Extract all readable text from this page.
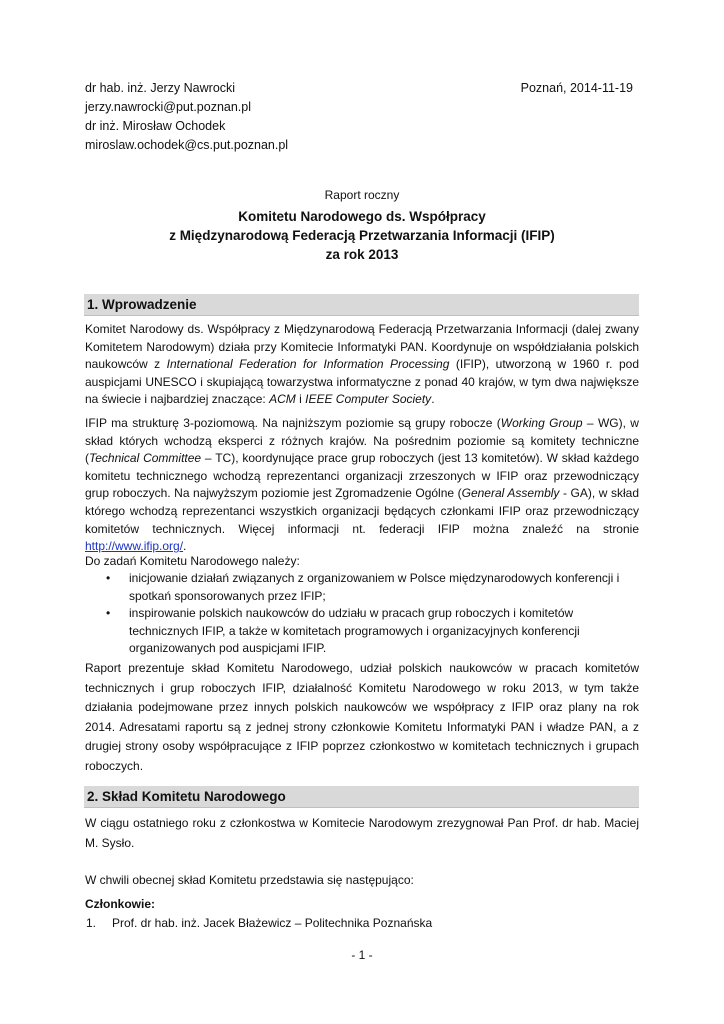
dr hab. inż. Jerzy Nawrocki
jerzy.nawrocki@put.poznan.pl
Poznań, 2014-11-19
dr inż. Mirosław Ochodek
miroslaw.ochodek@cs.put.poznan.pl
Raport roczny
Komitetu Narodowego ds. Współpracy
z Międzynarodową Federacją Przetwarzania Informacji (IFIP)
za rok 2013
1. Wprowadzenie

Komitet Narodowy ds. Współpracy z Międzynarodową Federacją Przetwarzania Informacji (dalej zwany Komitetem Narodowym) działa przy Komitecie Informatyki PAN. Koordynuje on współdziałania polskich naukowców z International Federation for Information Processing (IFIP), utworzoną w 1960 r. pod auspicjami UNESCO i skupiającą towarzystwa informatyczne z ponad 40 krajów, w tym dwa największe na świecie i najbardziej znaczące: ACM i IEEE Computer Society.

IFIP ma strukturę 3-poziomową. Na najniższym poziomie są grupy robocze (Working Group – WG), w skład których wchodzą eksperci z różnych krajów. Na pośrednim poziomie są komitety techniczne (Technical Committee – TC), koordynujące prace grup roboczych (jest 13 komitetów). W skład każdego komitetu technicznego wchodzą reprezentanci organizacji zrzeszonych w IFIP oraz przewodniczący grup roboczych. Na najwyższym poziomie jest Zgromadzenie Ogólne (General Assembly - GA), w skład którego wchodzą reprezentanci wszystkich organizacji będących członkami IFIP oraz przewodniczący komitetów technicznych. Więcej informacji nt. federacji IFIP można znaleźć na stronie http://www.ifip.org/.

Do zadań Komitetu Narodowego należy:

• inicjowanie działań związanych z organizowaniem w Polsce międzynarodowych konferencji i spotkań sponsorowanych przez IFIP;
• inspirowanie polskich naukowców do udziału w pracach grup roboczych i komitetów technicznych IFIP, a także w komitetach programowych i organizacyjnych konferencji organizowanych pod auspicjami IFIP.

Raport prezentuje skład Komitetu Narodowego, udział polskich naukowców w pracach komitetów technicznych i grup roboczych IFIP, działalność Komitetu Narodowego w roku 2013, w tym także działania podejmowane przez innych polskich naukowców we współpracy z IFIP oraz plany na rok 2014. Adresatami raportu są z jednej strony członkowie Komitetu Informatyki PAN i władze PAN, a z drugiej strony osoby współpracujące z IFIP poprzez członkostwo w komitetach technicznych i grupach roboczych.

2. Skład Komitetu Narodowego

W ciągu ostatniego roku z członkostwa w Komitecie Narodowym zrezygnował Pan Prof. dr hab. Maciej M. Sysło.

W chwili obecnej skład Komitetu przedstawia się następująco:

Członkowie:
1. Prof. dr hab. inż. Jacek Błażewicz – Politechnika Poznańska
- 1 -
